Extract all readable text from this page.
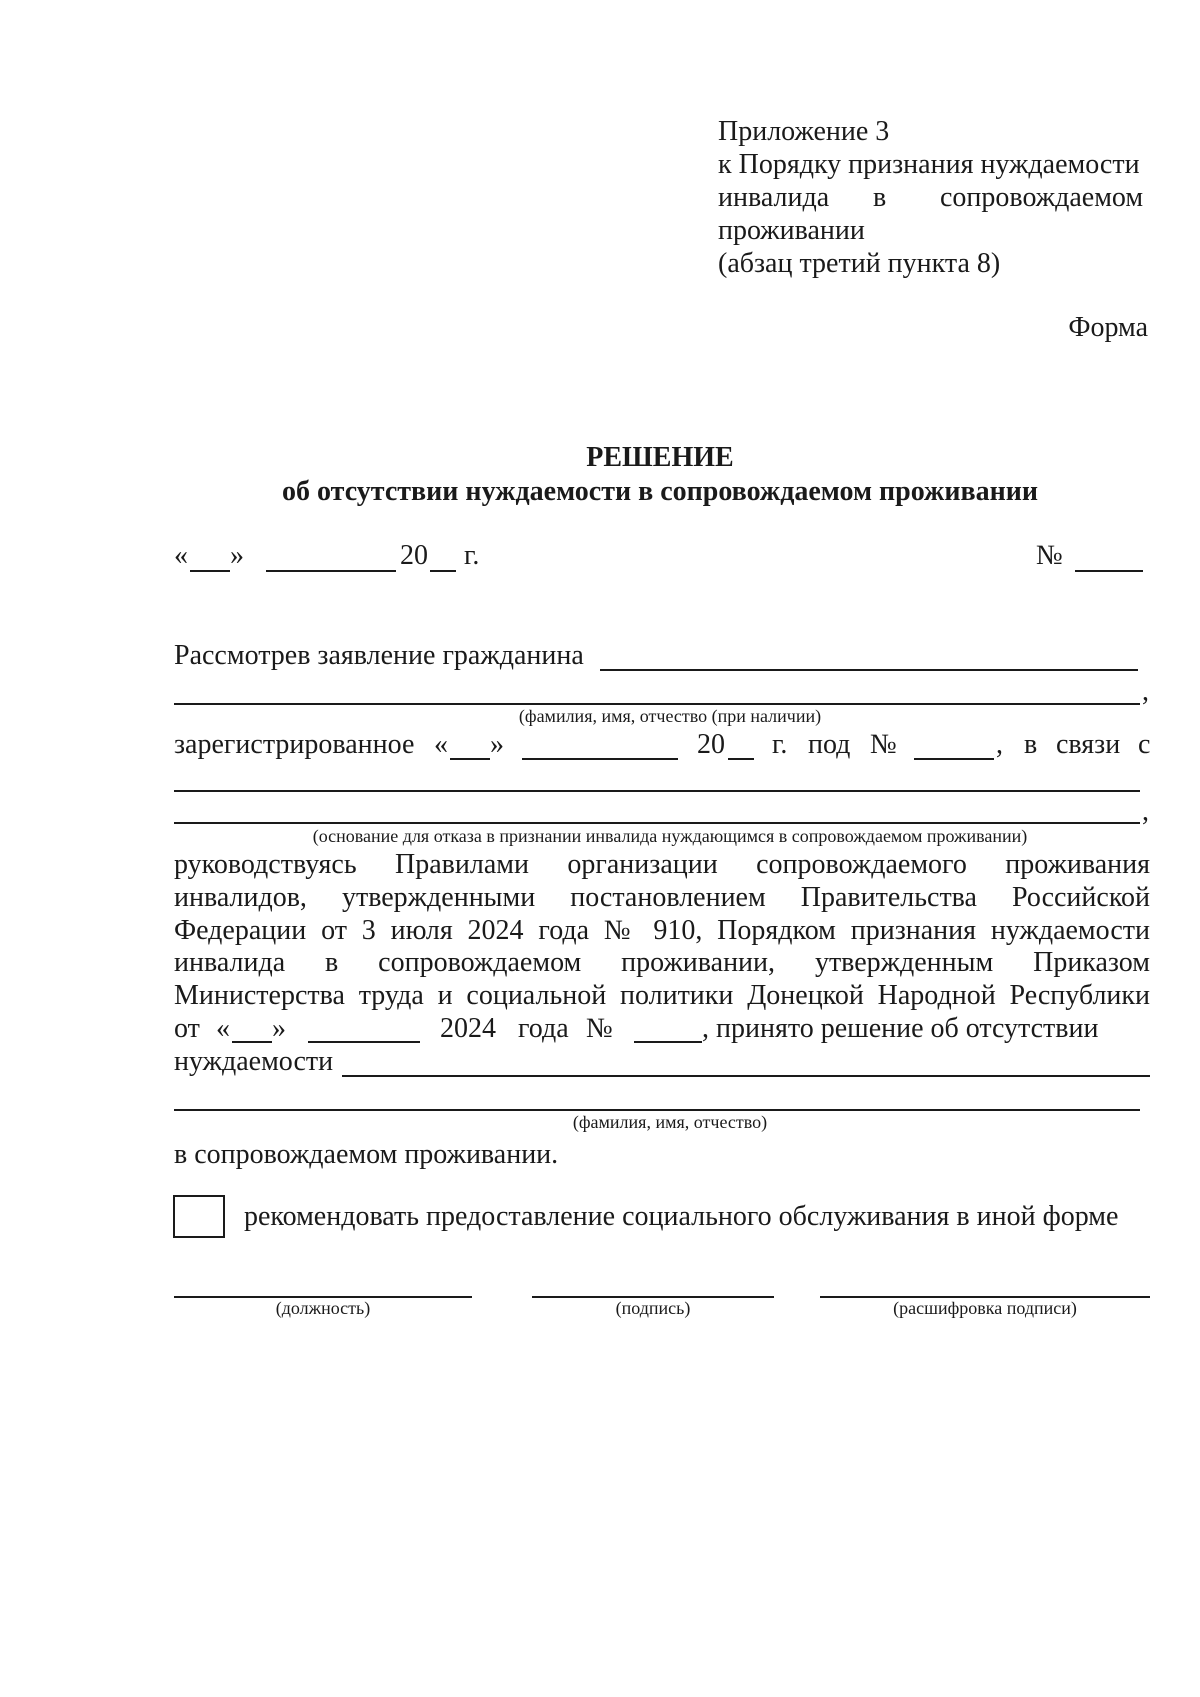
Приложение 3
к Порядку признания нуждаемости
инвалида в сопровождаемом
проживании
(абзац третий пункта 8)
Форма
РЕШЕНИЕ
об отсутствии нуждаемости в сопровождаемом проживании
« »	20 г.	№
Рассмотрев заявление гражданина
,
(фамилия, имя, отчество (при наличии)
зарегистрированное « »	20 г. под №	, в связи с
,
(основание для отказа в признании инвалида нуждающимся в сопровождаемом проживании)
руководствуясь Правилами организации сопровождаемого проживания
инвалидов, утвержденными постановлением Правительства Российской
Федерации от 3 июля 2024 года № 910, Порядком признания нуждаемости
инвалида в сопровождаемом проживании, утвержденным Приказом
Министерства труда и социальной политики Донецкой Народной Республики
от « »	2024 года №	, принято решение об отсутствии
нуждаемости
(фамилия, имя, отчество)
в сопровождаемом проживании.
рекомендовать предоставление социального обслуживания в иной форме
(должность)	(подпись)	(расшифровка подписи)
